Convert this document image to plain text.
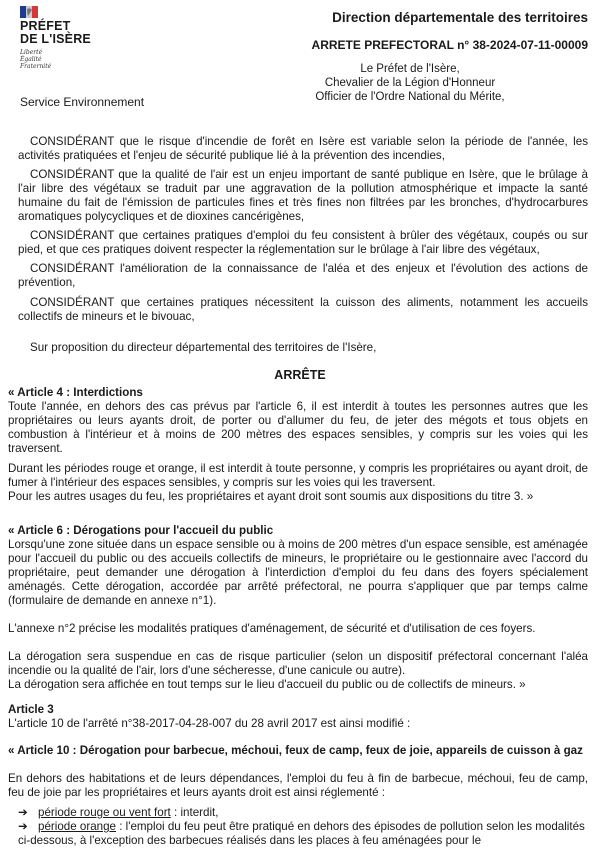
PRÉFET
DE L'ISÈRE
Liberté
Égalité
Fraternité
Service Environnement
Direction départementale des territoires
ARRETE PREFECTORAL n° 38-2024-07-11-00009
Le Préfet de l'Isère,
Chevalier de la Légion d'Honneur
Officier de l'Ordre National du Mérite,
CONSIDÉRANT que le risque d'incendie de forêt en Isère est variable selon la période de l'année, les activités pratiquées et l'enjeu de sécurité publique lié à la prévention des incendies,
CONSIDÉRANT que la qualité de l'air est un enjeu important de santé publique en Isère, que le brûlage à l'air libre des végétaux se traduit par une aggravation de la pollution atmosphérique et impacte la santé humaine du fait de l'émission de particules fines et très fines non filtrées par les bronches, d'hydrocarbures aromatiques polycycliques et de dioxines cancérigènes,
CONSIDÉRANT que certaines pratiques d'emploi du feu consistent à brûler des végétaux, coupés ou sur pied, et que ces pratiques doivent respecter la réglementation sur le brûlage à l'air libre des végétaux,
CONSIDÉRANT l'amélioration de la connaissance de l'aléa et des enjeux et l'évolution des actions de prévention,
CONSIDÉRANT que certaines pratiques nécessitent la cuisson des aliments, notamment les accueils collectifs de mineurs et le bivouac,
Sur proposition du directeur départemental des territoires de l'Isère,
ARRÊTE
« Article 4 : Interdictions
Toute l'année, en dehors des cas prévus par l'article 6, il est interdit à toutes les personnes autres que les propriétaires ou leurs ayants droit, de porter ou d'allumer du feu, de jeter des mégots et tous objets en combustion à l'intérieur et à moins de 200 mètres des espaces sensibles, y compris sur les voies qui les traversent.
Durant les périodes rouge et orange, il est interdit à toute personne, y compris les propriétaires ou ayant droit, de fumer à l'intérieur des espaces sensibles, y compris sur les voies qui les traversent.
Pour les autres usages du feu, les propriétaires et ayant droit sont soumis aux dispositions du titre 3. »
« Article 6 : Dérogations pour l'accueil du public
Lorsqu'une zone située dans un espace sensible ou à moins de 200 mètres d'un espace sensible, est aménagée pour l'accueil du public ou des accueils collectifs de mineurs, le propriétaire ou le gestionnaire avec l'accord du propriétaire, peut demander une dérogation à l'interdiction d'emploi du feu dans des foyers spécialement aménagés. Cette dérogation, accordée par arrêté préfectoral, ne pourra s'appliquer que par temps calme (formulaire de demande en annexe n°1).
L'annexe n°2 précise les modalités pratiques d'aménagement, de sécurité et d'utilisation de ces foyers.
La dérogation sera suspendue en cas de risque particulier (selon un dispositif préfectoral concernant l'aléa incendie ou la qualité de l'air, lors d'une sécheresse, d'une canicule ou autre).
La dérogation sera affichée en tout temps sur le lieu d'accueil du public ou de collectifs de mineurs. »
Article 3
L'article 10 de l'arrêté n°38-2017-04-28-007 du 28 avril 2017 est ainsi modifié :
« Article 10 : Dérogation pour barbecue, méchoui, feux de camp, feux de joie, appareils de cuisson à gaz
En dehors des habitations et de leurs dépendances, l'emploi du feu à fin de barbecue, méchoui, feu de camp, feu de joie par les propriétaires et leurs ayants droit est ainsi réglementé :
➔ période rouge ou vent fort : interdit,
➔ période orange : l'emploi du feu peut être pratiqué en dehors des épisodes de pollution selon les modalités ci-dessous, à l'exception des barbecues réalisés dans les places à feu aménagées pour le
